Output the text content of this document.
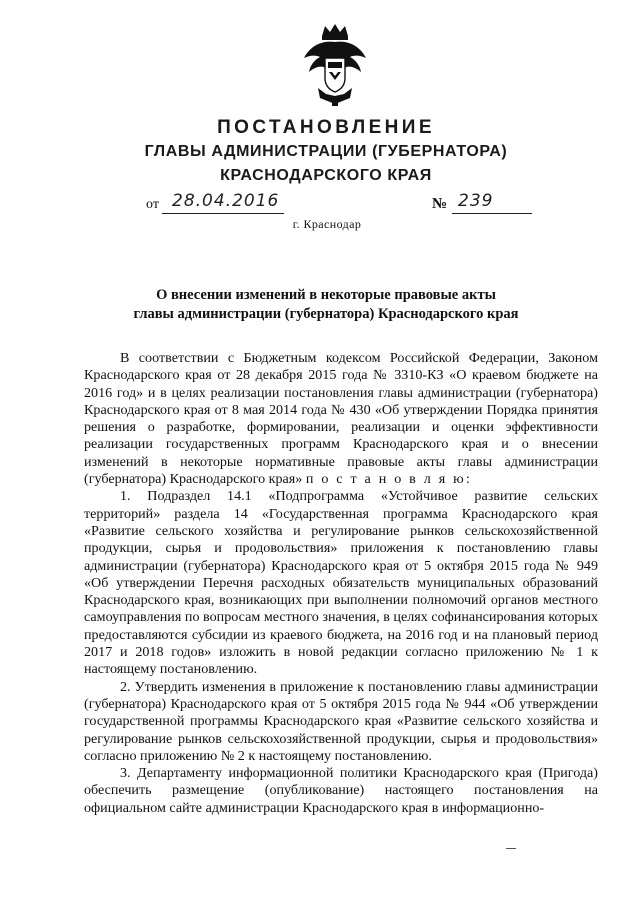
ПОСТАНОВЛЕНИЕ
ГЛАВЫ АДМИНИСТРАЦИИ (ГУБЕРНАТОРА)
КРАСНОДАРСКОГО КРАЯ
от 28.04.2016	№ 239
г. Краснодар
О внесении изменений в некоторые правовые акты
главы администрации (губернатора) Краснодарского края

В соответствии с Бюджетным кодексом Российской Федерации, Законом Краснодарского края от 28 декабря 2015 года № 3310-КЗ «О краевом бюджете на 2016 год» и в целях реализации постановления главы администрации (губернатора) Краснодарского края от 8 мая 2014 года № 430 «Об утверждении Порядка принятия решения о разработке, формировании, реализации и оценки эффективности реализации государственных программ Краснодарского края и о внесении изменений в некоторые нормативные правовые акты главы администрации (губернатора) Краснодарского края» п о с т а н о в л я ю:

1. Подраздел 14.1 «Подпрограмма «Устойчивое развитие сельских территорий» раздела 14 «Государственная программа Краснодарского края «Развитие сельского хозяйства и регулирование рынков сельскохозяйственной продукции, сырья и продовольствия» приложения к постановлению главы администрации (губернатора) Краснодарского края от 5 октября 2015 года № 949 «Об утверждении Перечня расходных обязательств муниципальных образований Краснодарского края, возникающих при выполнении полномочий органов местного самоуправления по вопросам местного значения, в целях софинансирования которых предоставляются субсидии из краевого бюджета, на 2016 год и на плановый период 2017 и 2018 годов» изложить в новой редакции согласно приложению № 1 к настоящему постановлению.

2. Утвердить изменения в приложение к постановлению главы администрации (губернатора) Краснодарского края от 5 октября 2015 года № 944 «Об утверждении государственной программы Краснодарского края «Развитие сельского хозяйства и регулирование рынков сельскохозяйственной продукции, сырья и продовольствия» согласно приложению № 2 к настоящему постановлению.

3. Департаменту информационной политики Краснодарского края (Пригода) обеспечить размещение (опубликование) настоящего постановления на официальном сайте администрации Краснодарского края в информационно-
